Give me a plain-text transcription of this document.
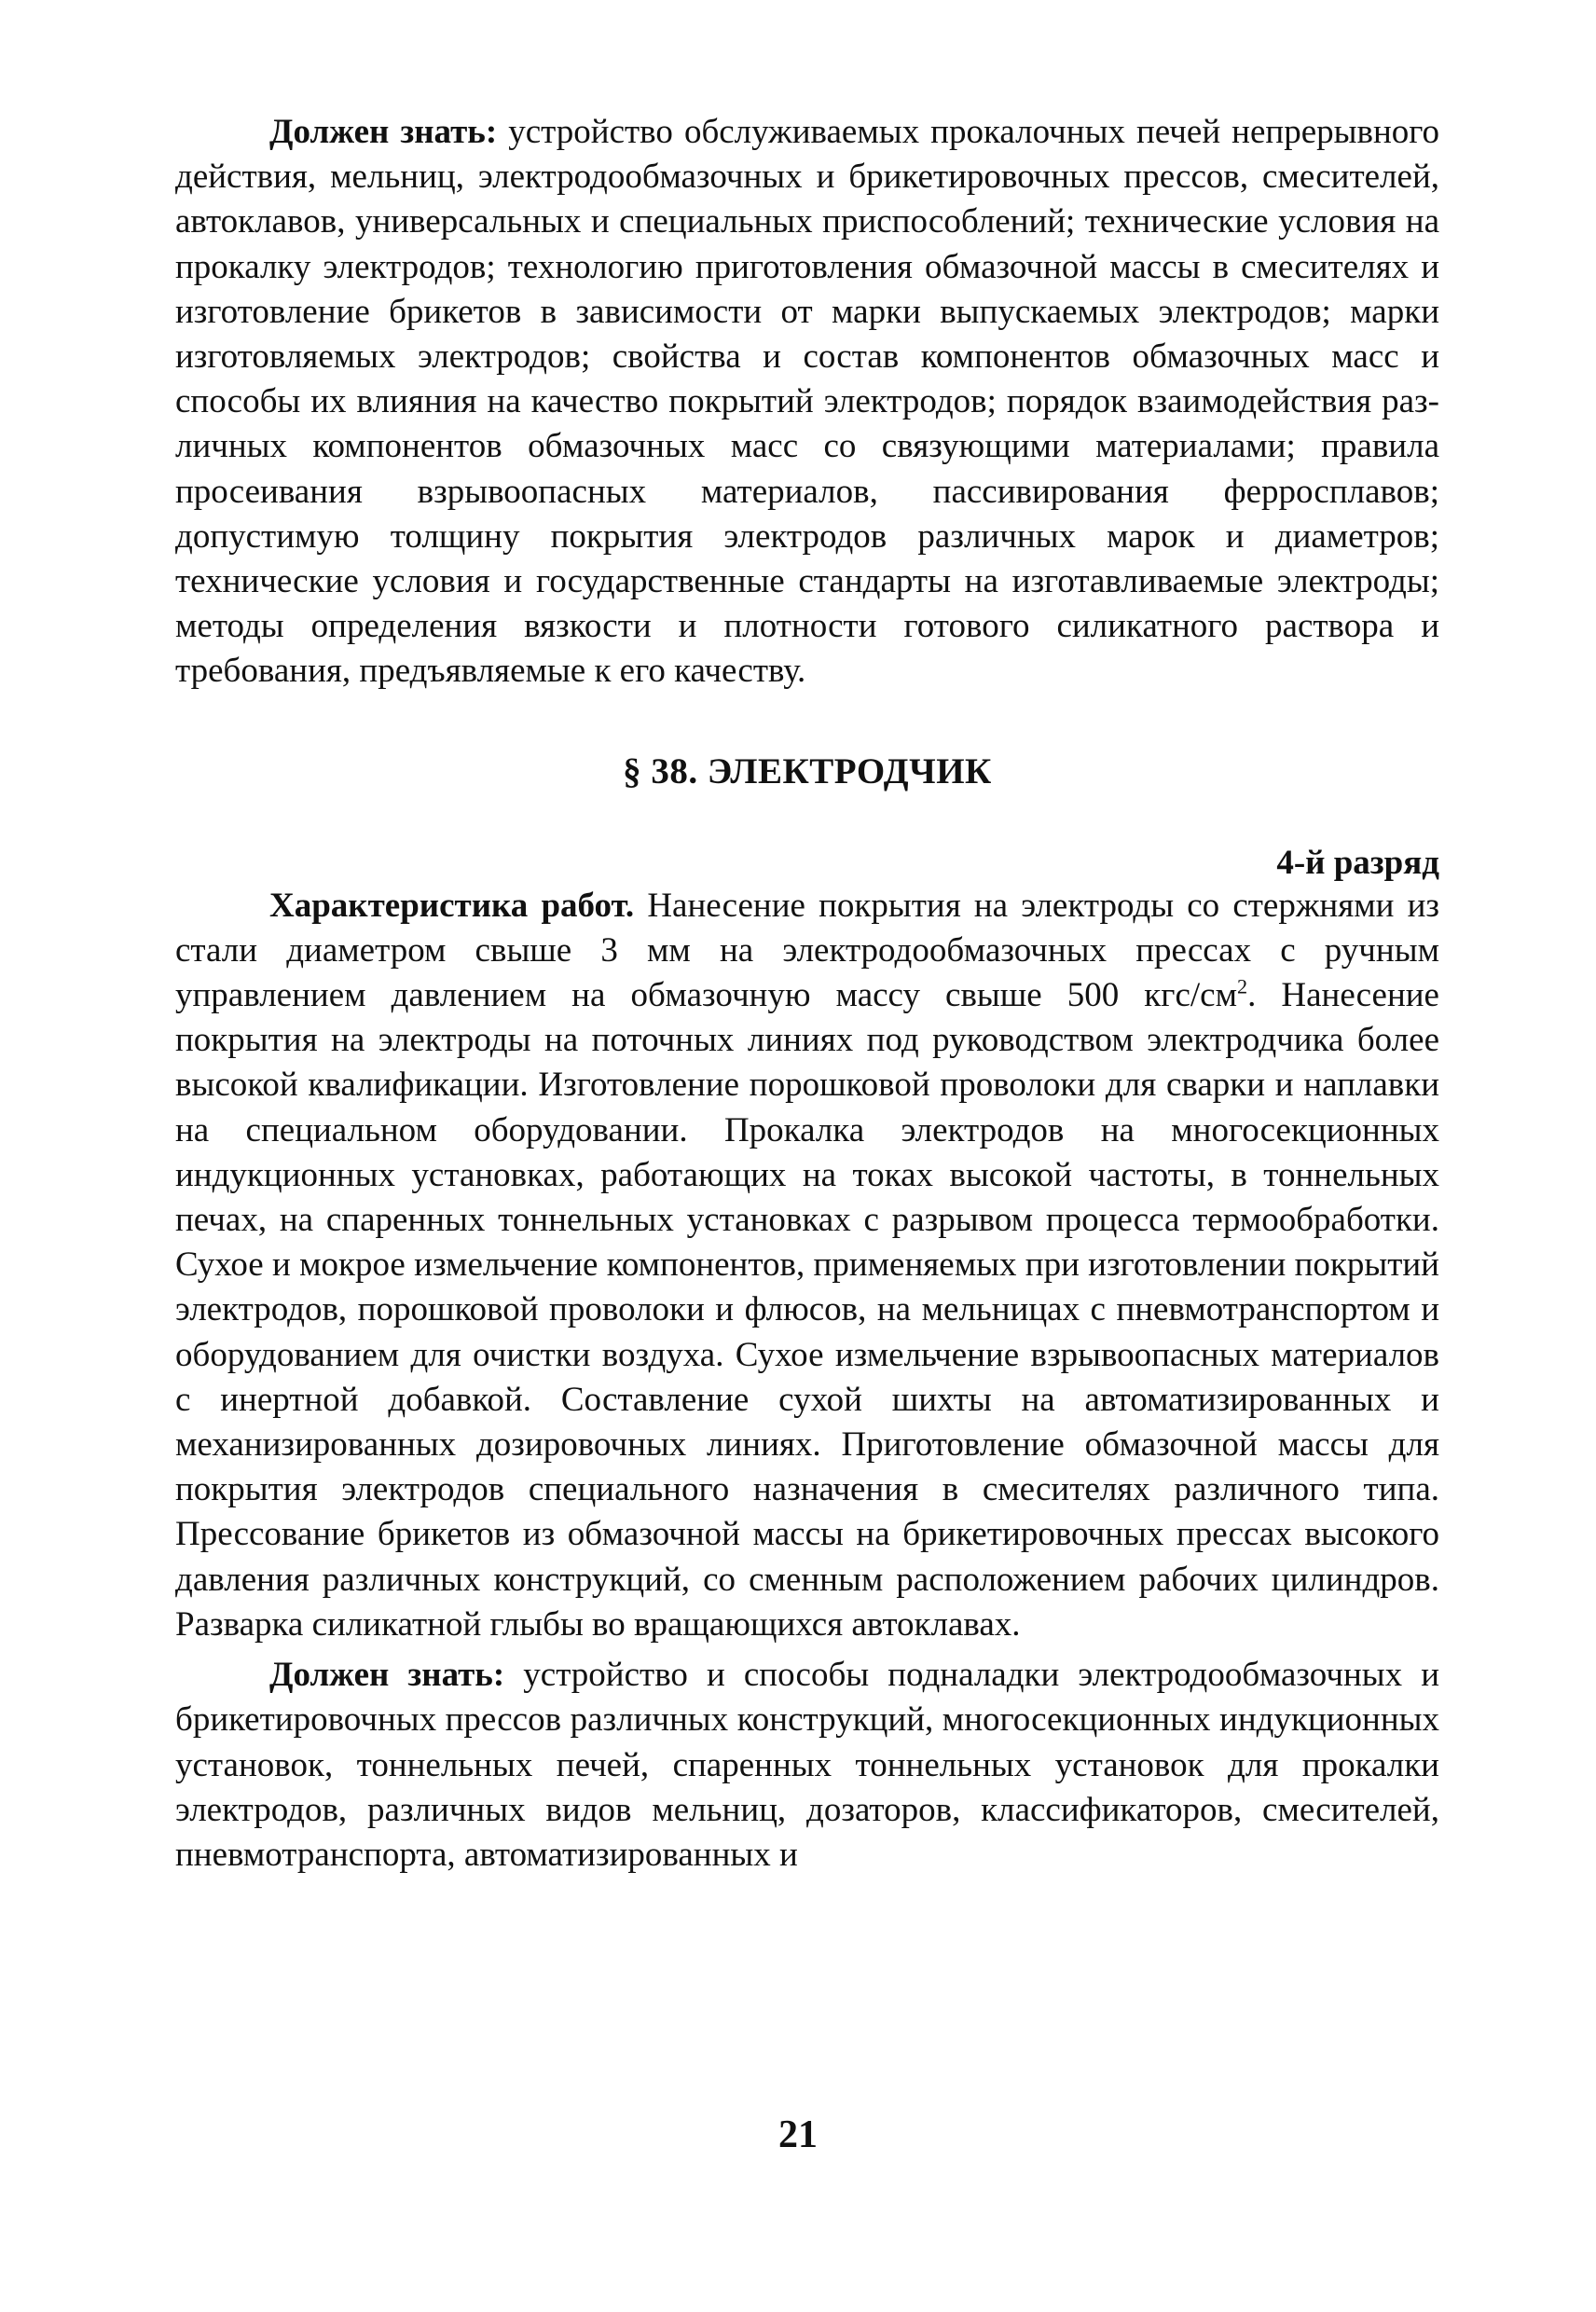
Должен знать: устройство обслуживаемых прокалочных печей непрерывного действия, мельниц, электродообмазочных и брикетировочных прессов, смесителей, автоклавов, универсальных и специальных приспособлений; технические условия на прокалку электродов; технологию приготовления обмазочной массы в смесителях и изготовление брикетов в зависимости от марки выпускаемых электродов; марки изготовляемых электродов; свойства и состав компонентов обмазочных масс и способы их влияния на качество покрытий электродов; порядок взаимодействия различных компонентов обмазочных масс со связующими материалами; правила просеивания взрывоопасных материалов, пассивирования ферросплавов; допустимую толщину покрытия электродов различных марок и диаметров; технические условия и государственные стандарты на изготавливаемые электроды; методы определения вязкости и плотности готового силикатного раствора и требования, предъявляемые к его качеству.

§ 38. ЭЛЕКТРОДЧИК
4-й разряд

Характеристика работ. Нанесение покрытия на электроды со стержнями из стали диаметром свыше 3 мм на электродообмазочных прессах с ручным управлением давлением на обмазочную массу свыше 500 кгс/$см^2$. Нанесение покрытия на электроды на поточных линиях под руководством электродчика более высокой квалификации. Изготовление порошковой проволоки для сварки и наплавки на специальном оборудовании. Прокалка электродов на многосекционных индукционных установках, работающих на токах высокой частоты, в тоннельных печах, на спаренных тоннельных установках с разрывом процесса термообработки. Сухое и мокрое измельчение компонентов, применяемых при изготовлении покрытий электродов, порошковой проволоки и флюсов, на мельницах с пневмотранспортом и оборудованием для очистки воздуха. Сухое измельчение взрывоопасных материалов с инертной добавкой. Составление сухой шихты на автоматизированных и механизированных дозировочных линиях. Приготовление обмазочной массы для покрытия электродов специального назначения в смесителях различного типа. Прессование брикетов из обмазочной массы на брикетировочных прессах высокого давления различных конструкций, со сменным расположением рабочих цилиндров. Разварка силикатной глыбы во вращающихся автоклавах.

Должен знать: устройство и способы подналадки электродообмазочных и брикетировочных прессов различных конструкций, многосекционных индукционных установок, тоннельных печей, спаренных тоннельных установок для прокалки электродов, различных видов мельниц, дозаторов, классификаторов, смесителей, пневмотранспорта, автоматизированных и

21
